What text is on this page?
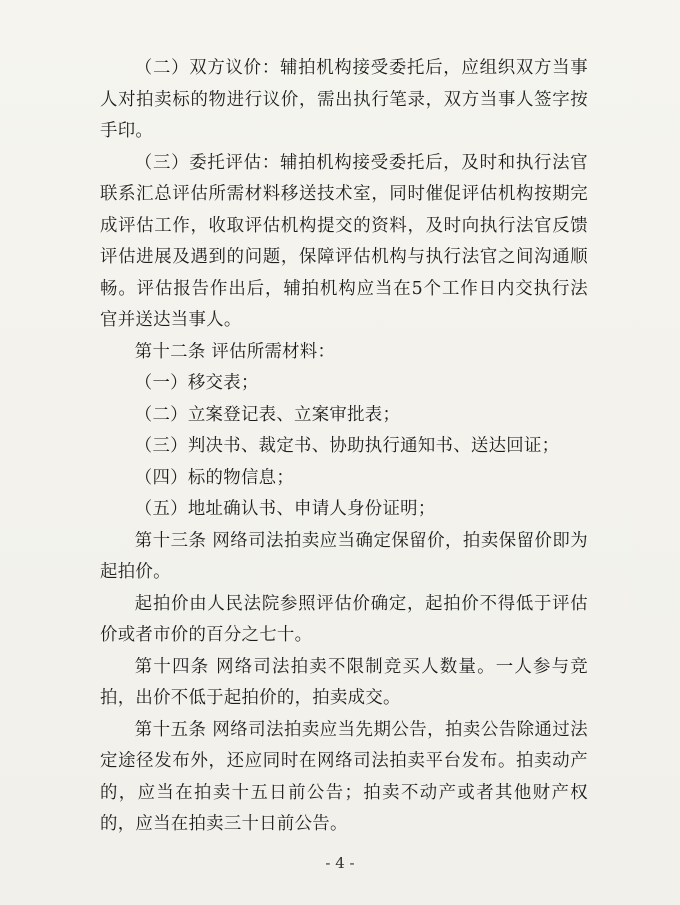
（二）双方议价：辅拍机构接受委托后，应组织双方当事人对拍卖标的物进行议价，需出执行笔录，双方当事人签字按手印。

（三）委托评估：辅拍机构接受委托后，及时和执行法官联系汇总评估所需材料移送技术室，同时催促评估机构按期完成评估工作，收取评估机构提交的资料，及时向执行法官反馈评估进展及遇到的问题，保障评估机构与执行法官之间沟通顺畅。评估报告作出后，辅拍机构应当在5个工作日内交执行法官并送达当事人。

第十二条 评估所需材料：

（一）移交表；

（二）立案登记表、立案审批表；

（三）判决书、裁定书、协助执行通知书、送达回证；

（四）标的物信息；

（五）地址确认书、申请人身份证明；

第十三条 网络司法拍卖应当确定保留价，拍卖保留价即为起拍价。

起拍价由人民法院参照评估价确定，起拍价不得低于评估价或者市价的百分之七十。

第十四条 网络司法拍卖不限制竞买人数量。一人参与竞拍，出价不低于起拍价的，拍卖成交。

第十五条 网络司法拍卖应当先期公告，拍卖公告除通过法定途径发布外，还应同时在网络司法拍卖平台发布。拍卖动产的，应当在拍卖十五日前公告；拍卖不动产或者其他财产权的，应当在拍卖三十日前公告。

- 4 -
